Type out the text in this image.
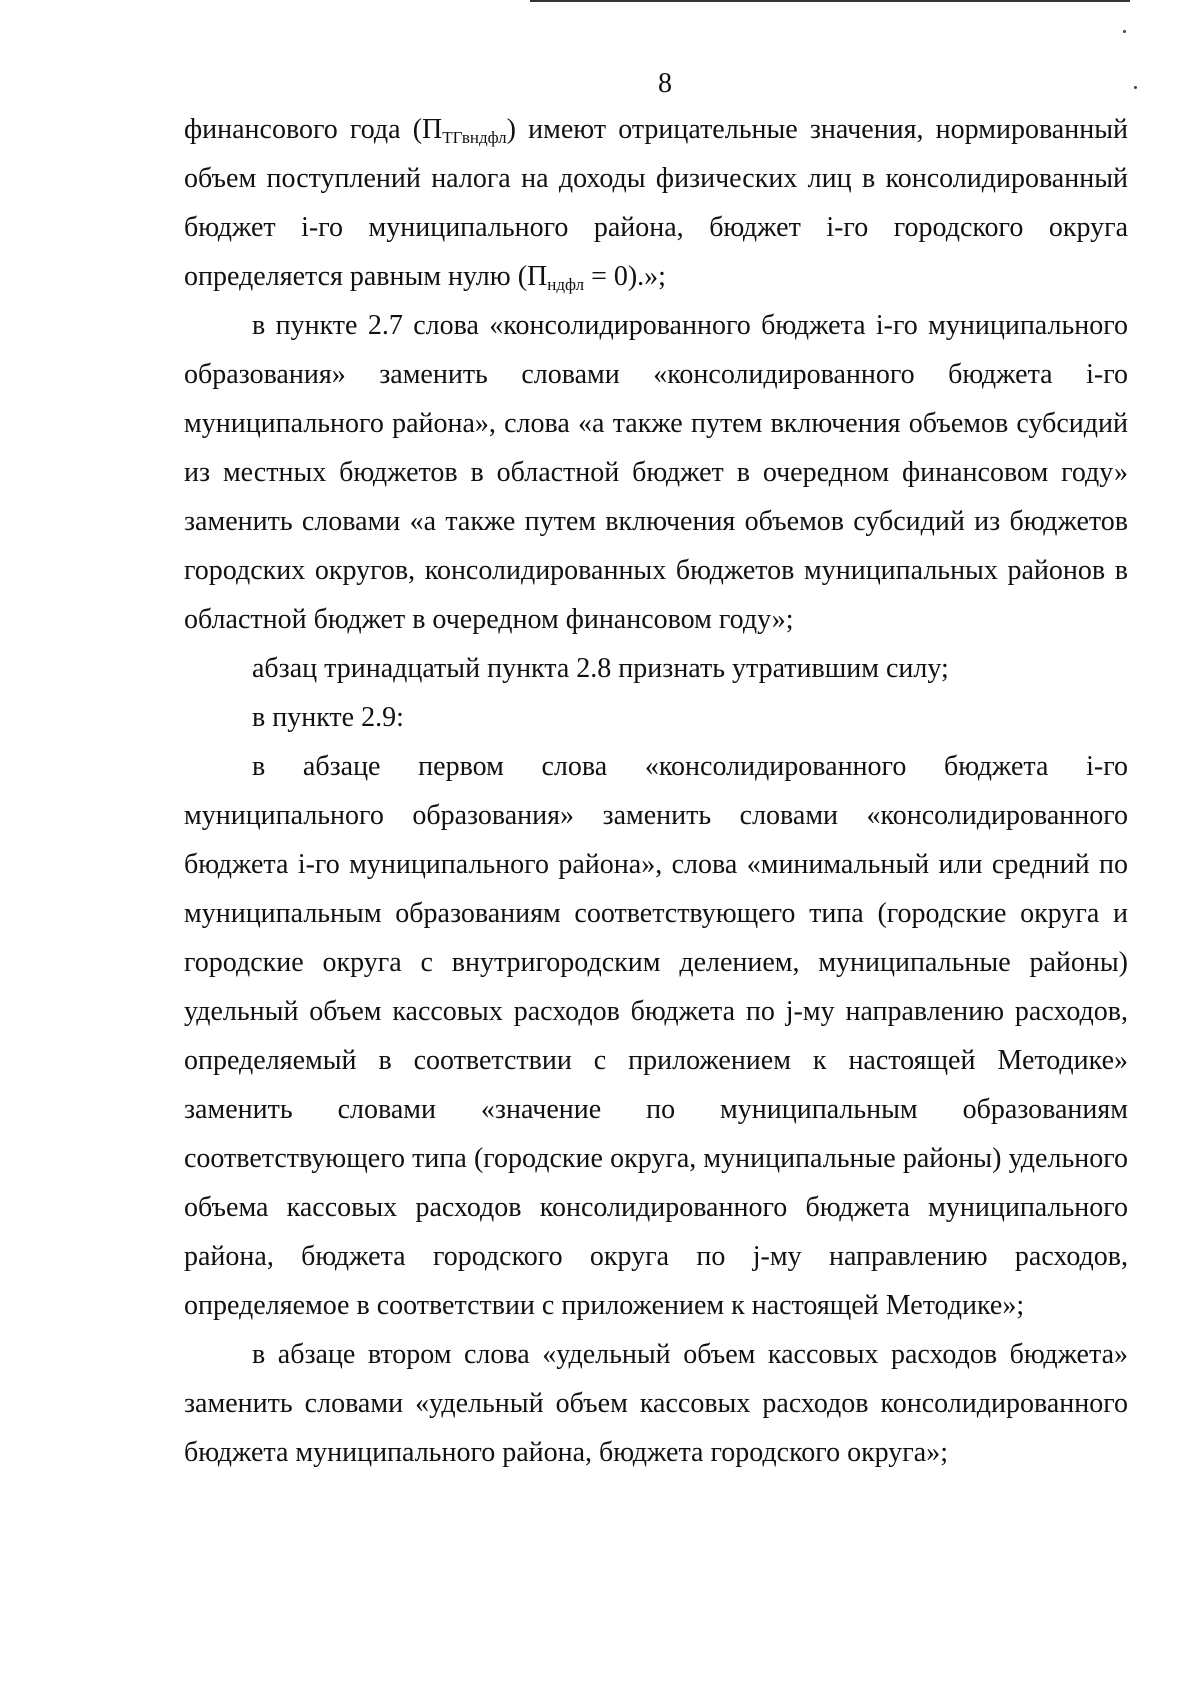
8

финансового года $(П_{ТГвндфл})$ имеют отрицательные значения, нормированный объем поступлений налога на доходы физических лиц в консолидированный бюджет i-го муниципального района, бюджет i-го городского округа определяется равным нулю $(П_{ндфл} = 0)$.»;

в пункте 2.7 слова «консолидированного бюджета i-го муниципального образования» заменить словами «консолидированного бюджета i-го муниципального района», слова «а также путем включения объемов субсидий из местных бюджетов в областной бюджет в очередном финансовом году» заменить словами «а также путем включения объемов субсидий из бюджетов городских округов, консолидированных бюджетов муниципальных районов в областной бюджет в очередном финансовом году»;

абзац тринадцатый пункта 2.8 признать утратившим силу;

в пункте 2.9:

в абзаце первом слова «консолидированного бюджета i-го муниципального образования» заменить словами «консолидированного бюджета i-го муниципального района», слова «минимальный или средний по муниципальным образованиям соответствующего типа (городские округа и городские округа с внутригородским делением, муниципальные районы) удельный объем кассовых расходов бюджета по j-му направлению расходов, определяемый в соответствии с приложением к настоящей Методике» заменить словами «значение по муниципальным образованиям соответствующего типа (городские округа, муниципальные районы) удельного объема кассовых расходов консолидированного бюджета муниципального района, бюджета городского округа по j-му направлению расходов, определяемое в соответствии с приложением к настоящей Методике»;

в абзаце втором слова «удельный объем кассовых расходов бюджета» заменить словами «удельный объем кассовых расходов консолидированного бюджета муниципального района, бюджета городского округа»;
